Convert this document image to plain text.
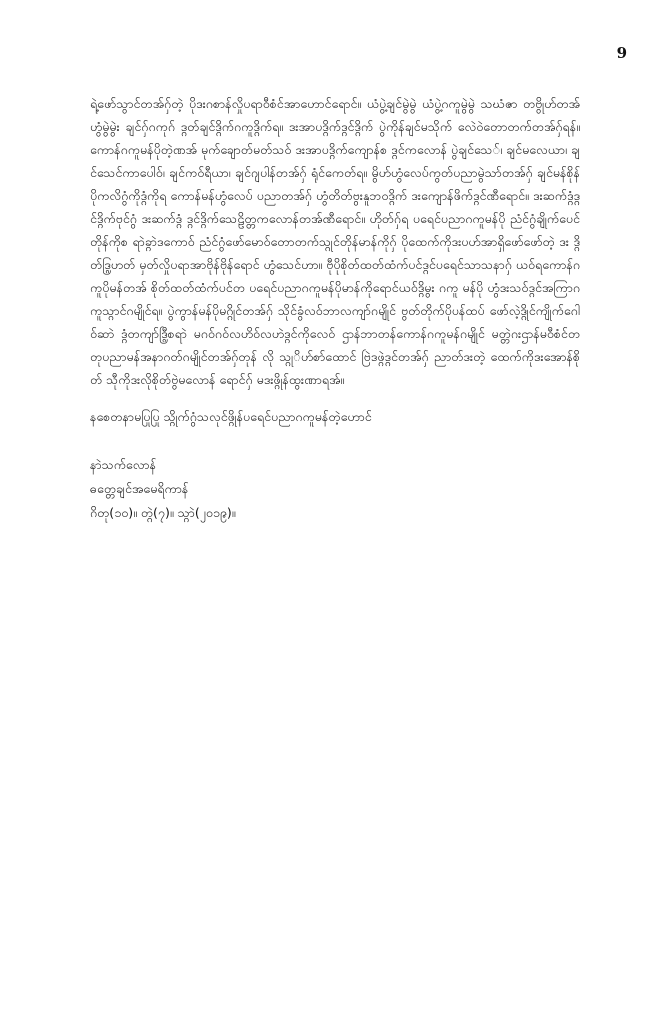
9

ရဲ့ဖော်သွာင်တအ်ဂှ်တဲ့ ပိုဒးဂစာန်လှိုပရာဝီစံင်အာဟောင်ရောင်။ ယံပွဲ့ချင်မွဲမွဲ ယံပွဲ့ဂကူမွဲမွဲ သဃံဇာ တဗွိုဟ်တအ်ဟွံမွဲမွဲး ချင်ဂှ်ဂကုဂ် ဒ္ဂတ်ချင်ဒ္ဂိက်ဂကူဒ္ဂိက်ရ။ ဒးအာပဒ္ဂိက်ဒ္ဂင်ဒ္ဂိက် ပွဲကိုန်ချင်မသိုက် လေဲဝဲတောတက်တအ်ဂှ်ရန်။ ကောန်ဂကူမန်ပိုတဲ့ဏအ် မုက်ချောတ်မတ်သဝ် ဒးအာပဒ္ဂိက်ကျောန်စ ဒ္ဂင်ကလောန် ပွဲချင်သေ်၊ ချင်မလေယာ၊ ချင်သေင်ကာပေါဝ်၊ ချင်ကဝ်ရီယာ၊ ချင်ဂျပါန်တအ်ဂှ် ရုံင်ကေတ်ရ။ မွိဟ်ဟွံလေပ်ကွတ်ပညာမွဲသာ်တအ်ဂှ် ချင်မန်စိုန်ပိုကလိဂွံကိုဒ္ဂံကိုရ ကောန်မန်ဟွံလေပ် ပညာတအ်ဂှ် ဟွံတိတ်ဗွးနူဘဝဒ္ဂိက် ဒးကျောန်ဖိက်ဒ္ဂင်ဏီရောင်။ ဒးဆက်ဒ္ဂံဒ္ဂင်ဒ္ဂိက်ဗုင်ဂွံ ဒးဆက်ဒ္ဂံ ဒ္ဂင်ဒ္ဂိက်သေဠိတ္တကလောန်တအ်ဏီရောင်။ ဟိုတ်ဂှ်ရ ပရေင်ပညာဂကူမန်ပို ညံင်ဂွံချိုက်ပေင်တိုန်ကိုစ ရာဲခ္ဂာဲဒကောဝ် ညံင်ဂွံဖော်မောဝ်တောတက်သ္ဂုင်တိုန်မာန်ကိုဂှ် ပိုထေက်ကိုဒးပဟ်အာရှိဖော်ဖော်တဲ့ ဒး ဒ္ဂိတ်ဒ္ဂြဟတ် မှတ်လှိုပရာအာဗိုန်ဗိုန်ရောင် ဟွံသေင်ဟာ။ ဗီုပိုစိုတ်ထတ်ထံက်ပင်ဒ္ဂင်ပရေင်သာသနာဂှ် ယဝ်ရကောန်ဂကူပိုမန်တအ် စိုတ်ထတ်ထံက်ပင်တ ပရေင်ပညာဂကူမန်ပိုမာန်ကိုရောင်ယဝ်ဒ္ဂိမွး ဂကူ မန်ပို ဟွံဒးသဝ်ဒ္ဂင်အကြာဂကူသ္ဂာင်ဂမျိုင်ရ။ ပွဲကွာန်မန်ပိုမဂ္ဂိုင်တအ်ဂှ် သိုင်ခွံလဝ်ဘာလကျာ်ဂမျိုင် ဗွတ်တိုက်ပိုပန်ထပ် ဖော်လဲ့ဒ္ဂိုင်ကျိုက်ဂေါဝ်ဆာဲ ဒ္ဂံတကျာ်ဒ္ဂြီစရာဲ မဂဝ်ဂဝ်လဟိဝ်လဟဲဒ္ဂင်ကိုလေဝ် ဌာန်ဘာတန်ကောန်ဂကူမန်ဂမျိုင် မတ္တဲဂးဌာန်မဝီစံင်တ တုပညာမန်အနာဂတ်ဂမျိုင်တအ်ဂှ်တုန် လို သ္ဂုိဟ်စာ်ထောင် ဗြဲဒဖ္ဂဲဒ္ဂင်တအ်ဂှ် ညာတ်ဒးတဲ့ ထေက်ကိုဒးအောန်စိုတ် သီုကိုဒးလိုစိုတ်ဗွဲမလောန် ရောင်ဂှ် မဒးဖ္ဂိုန်ထွးဏာရအ်။

နစေတနာမပြုပြု သ္ဂိုက်ဂွံသလုင်ဖ္ဂိုန်ပရေင်ပညာဂကူမန်တဲ့ဟောင်

နာဲသက်လောန်
ဓတ္တေချင်အမေရိကာန်
ဂိတု(၁၀)။ တ္ဂဲ(၇)။ သ္ဂာဲ(၂၀၁၉)။
